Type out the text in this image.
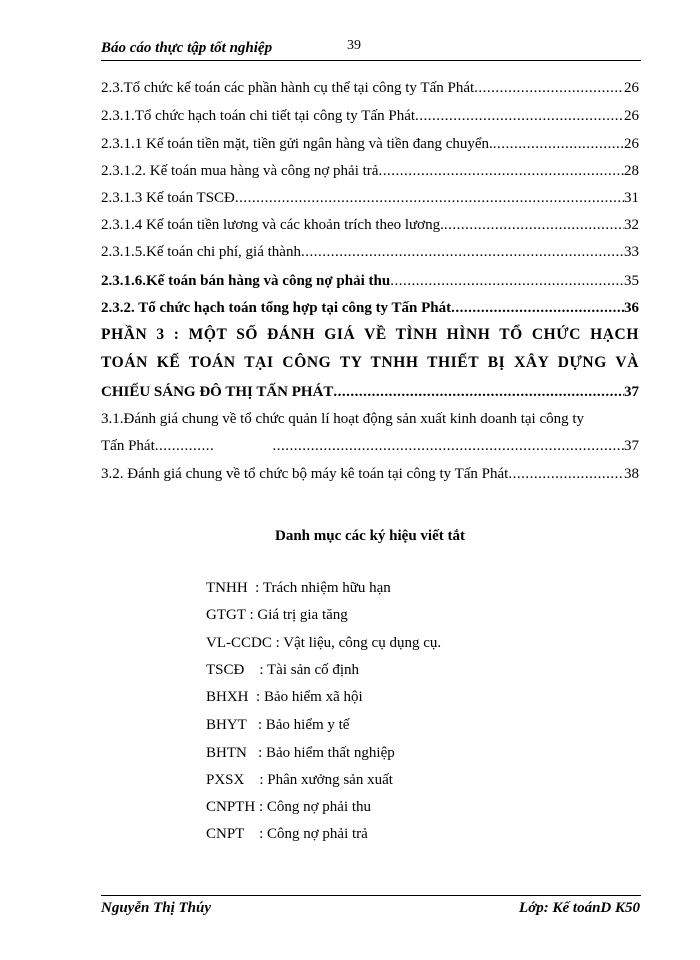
Báo cáo thực tập tốt nghiệp	39
2.3.Tổ chức kế toán các phần hành cụ thể tại công ty Tấn Phát .....	26
2.3.1.Tổ chức hạch toán chi tiết tại công ty Tấn Phát .....	26
2.3.1.1 Kế toán tiền mặt, tiền gửi ngân hàng và tiền đang chuyển. .....	26
2.3.1.2. Kế toán mua hàng và công nợ phải trả .....	28
2.3.1.3 Kế toán TSCĐ .....	31
2.3.1.4 Kế toán tiền lương và các khoản trích theo lương. .....	32
2.3.1.5.Kế toán chi phí, giá thành .....	33
2.3.1.6.Kế toán bán hàng và công nợ phải thu .....	35
2.3.2. Tổ chức hạch toán tổng hợp tại công ty Tấn Phát .....	36
PHẦN 3 : MỘT SỐ ĐÁNH GIÁ VỀ TÌNH HÌNH TỔ CHỨC HẠCH
TOÁN KẾ TOÁN TẠI CÔNG TY TNHH THIẾT BỊ XÂY DỰNG VÀ
CHIẾU SÁNG ĐÔ THỊ TẤN PHÁT .....	37
3.1.Đánh giá chung về tổ chức quản lí hoạt động sản xuất kinh doanh tại công ty
Tấn Phát ..... .....	37
3.2. Đánh giá chung về tổ chức bộ máy kê toán tại công ty Tấn Phát .....	38
Danh mục các ký hiệu viết tắt
TNHH  : Trách nhiệm hữu hạn
GTGT : Giá trị gia tăng
VL-CCDC : Vật liệu, công cụ dụng cụ.
TSCĐ    : Tài sản cố định
BHXH  : Bảo hiểm xã hội
BHYT   : Bảo hiểm y tế
BHTN   : Bảo hiểm thất nghiệp
PXSX    : Phân xưởng sản xuất
CNPTH : Công nợ phải thu
CNPT    : Công nợ phải trả
Nguyễn Thị Thúy	Lớp: Kế toánD K50
